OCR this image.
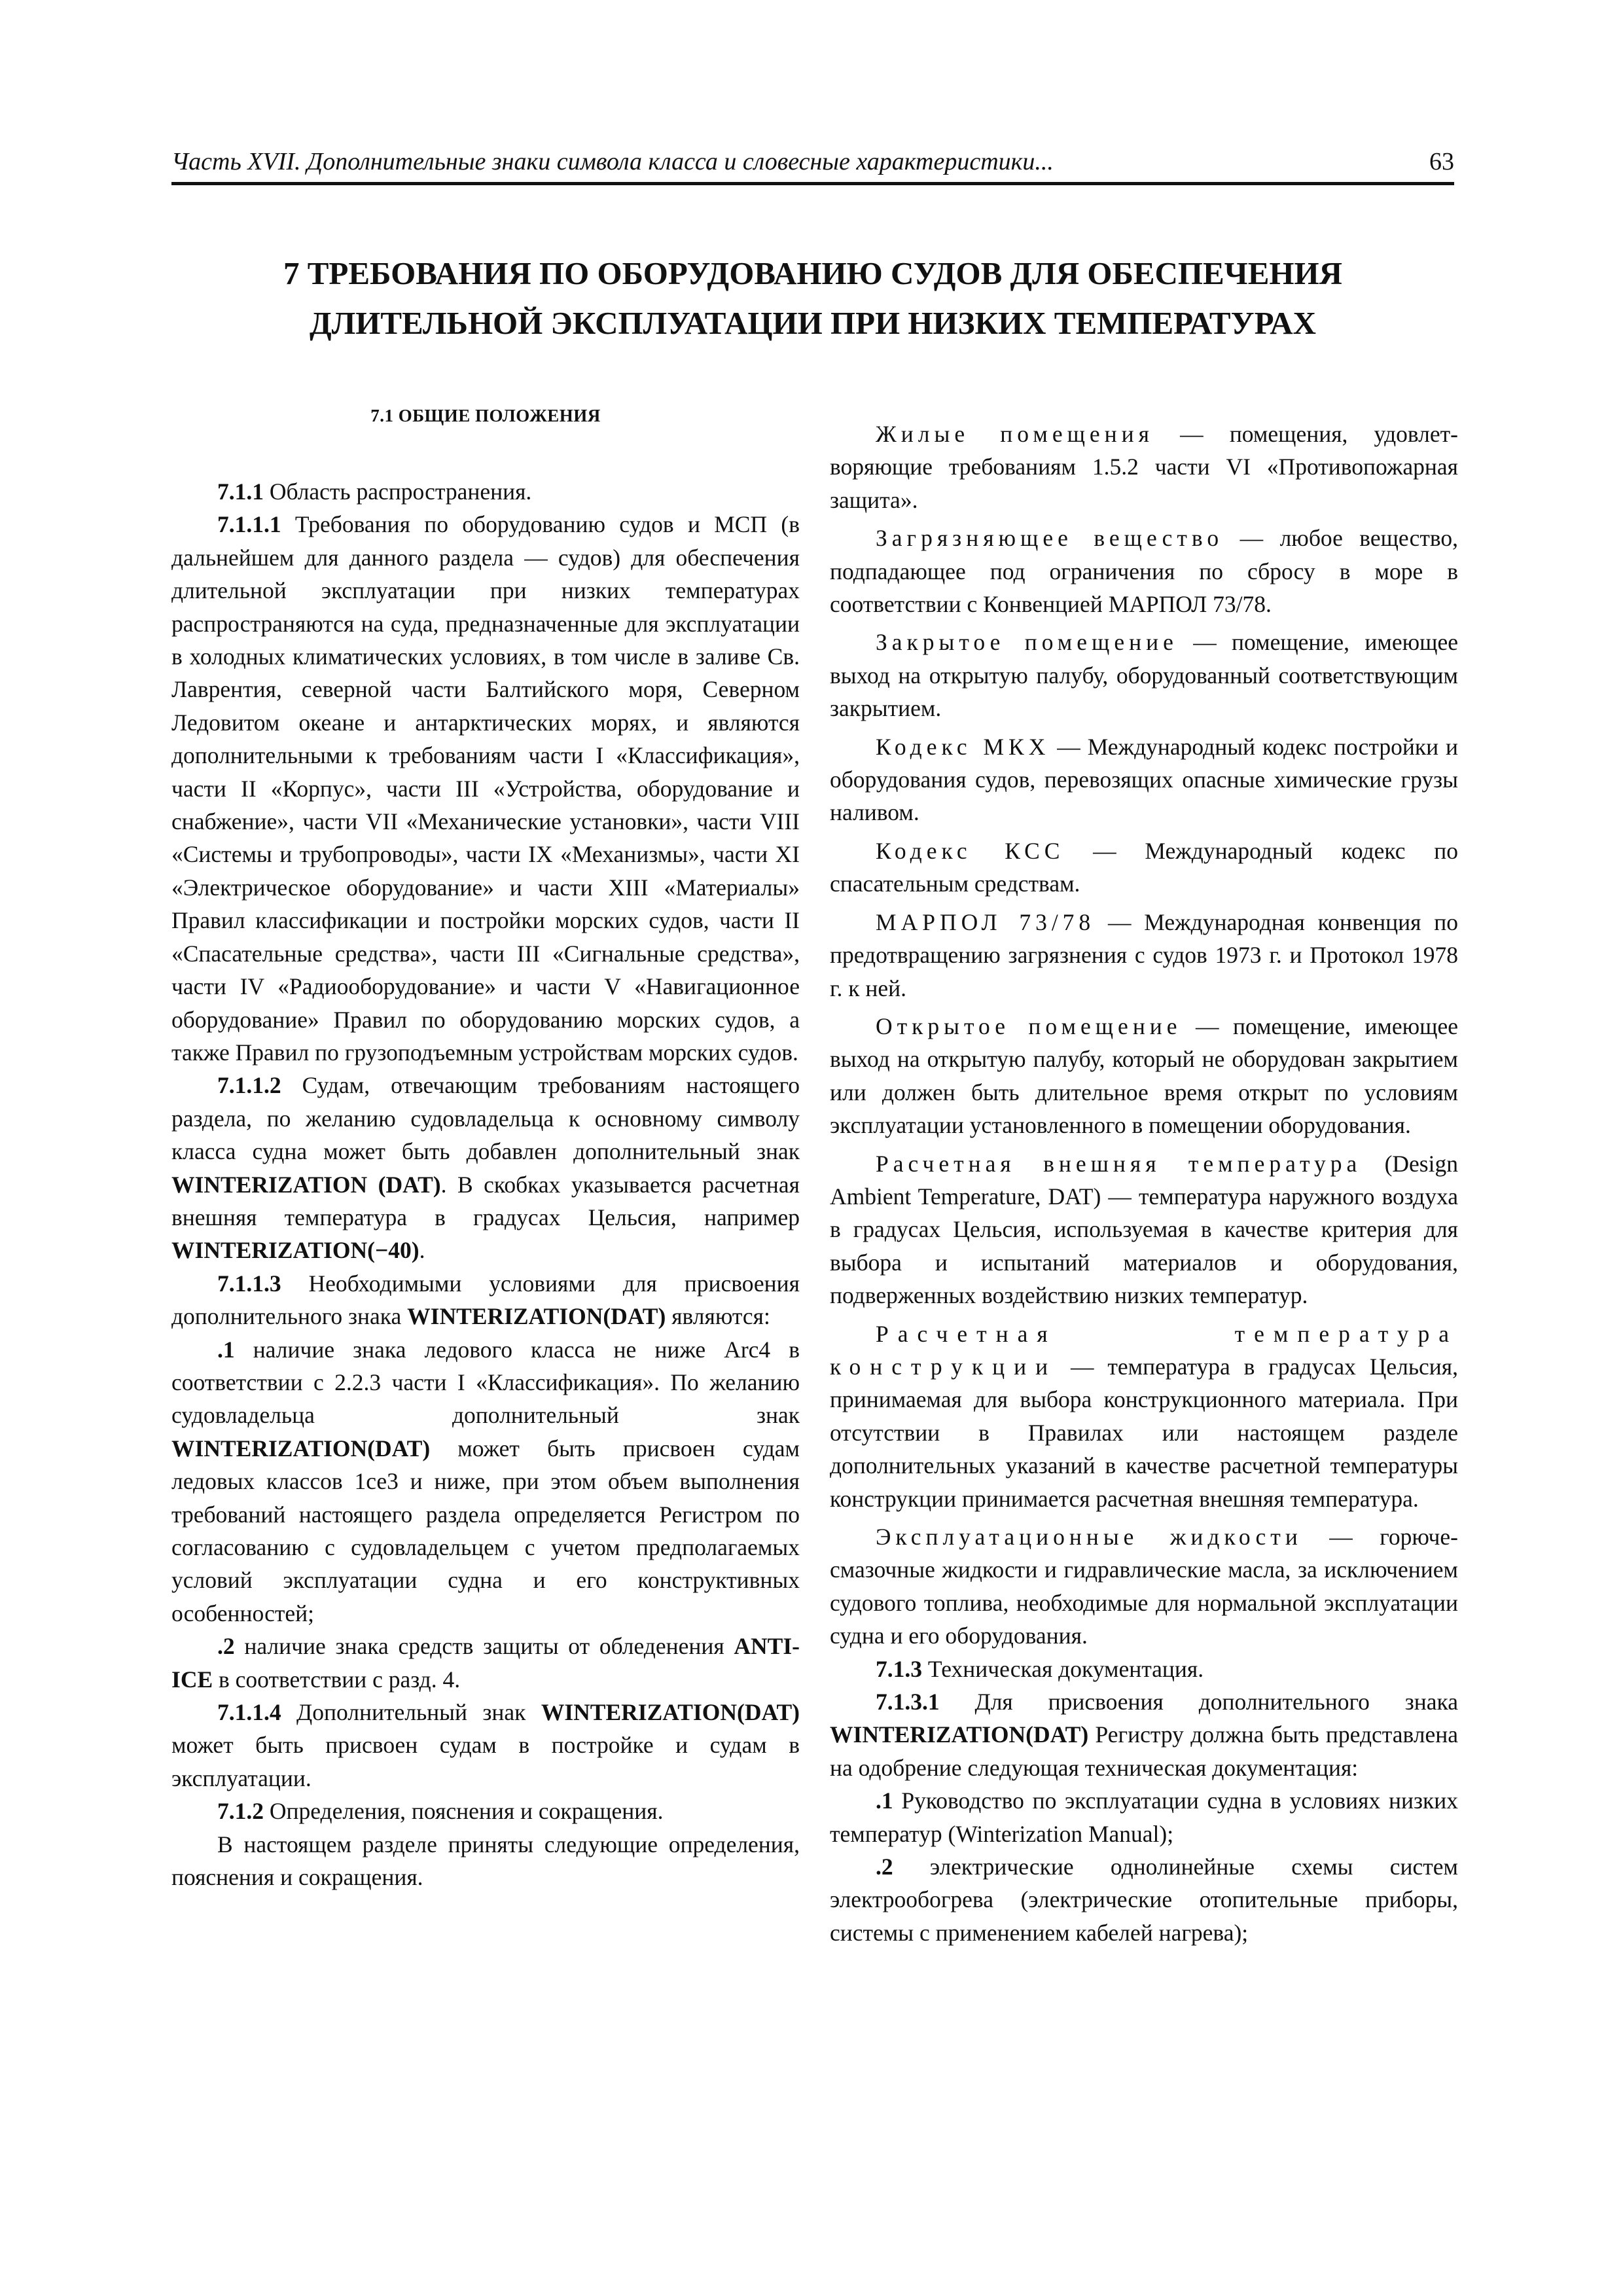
Часть XVII. Дополнительные знаки символа класса и словесные характеристики...	63
7 ТРЕБОВАНИЯ ПО ОБОРУДОВАНИЮ СУДОВ ДЛЯ ОБЕСПЕЧЕНИЯ
ДЛИТЕЛЬНОЙ ЭКСПЛУАТАЦИИ ПРИ НИЗКИХ ТЕМПЕРАТУРАХ
7.1 ОБЩИЕ ПОЛОЖЕНИЯ

7.1.1 Область распространения.

7.1.1.1 Требования по оборудованию судов и МСП (в дальнейшем для данного раздела — судов) для обеспечения длительной эксплуатации при низких температурах распространяются на суда, предназначенные для эксплуатации в холодных климатических условиях, в том числе в заливе Св. Лаврентия, северной части Балтийского моря, Северном Ледовитом океане и антарктических морях, и являются дополнительными к требованиям части I «Классификация», части II «Корпус», части III «Устройства, оборудование и снабжение», части VII «Механические установки», части VIII «Системы и трубопроводы», части IX «Механизмы», части XI «Электрическое оборудование» и части XIII «Материалы» Правил классификации и постройки морских судов, части II «Спасательные средства», части III «Сигнальные средства», части IV «Радиооборудование» и части V «Навигационное оборудование» Правил по оборудованию морских судов, а также Правил по грузоподъемным устройствам морских судов.

7.1.1.2 Судам, отвечающим требованиям настоящего раздела, по желанию судовладельца к основному символу класса судна может быть добавлен дополнительный знак WINTERIZATION (DAT). В скобках указывается расчетная внешняя температура в градусах Цельсия, например WINTERIZATION(−40).

7.1.1.3 Необходимыми условиями для присвоения дополнительного знака WINTERIZATION(DAT) являются:

.1 наличие знака ледового класса не ниже Arc4 в соответствии с 2.2.3 части I «Классификация». По желанию судовладельца дополнительный знак WINTERIZATION(DAT) может быть присвоен судам ледовых классов 1се3 и ниже, при этом объем выполнения требований настоящего раздела определяется Регистром по согласованию с судовладельцем с учетом предполагаемых условий эксплуатации судна и его конструктивных особенностей;

.2 наличие знака средств защиты от обледенения ANTI-ICE в соответствии с разд. 4.

7.1.1.4 Дополнительный знак WINTERIZATION(DAT) может быть присвоен судам в постройке и судам в эксплуатации.

7.1.2 Определения, пояснения и сокращения.

В настоящем разделе приняты следующие определения, пояснения и сокращения.

Жилые помещения — помещения, удовлетворяющие требованиям 1.5.2 части VI «Противопожарная защита».

Загрязняющее вещество — любое вещество, подпадающее под ограничения по сбросу в море в соответствии с Конвенцией МАРПОЛ 73/78.

Закрытое помещение — помещение, имеющее выход на открытую палубу, оборудованный соответствующим закрытием.

Кодекс МКХ — Международный кодекс постройки и оборудования судов, перевозящих опасные химические грузы наливом.

Кодекс КСС — Международный кодекс по спасательным средствам.

МАРПОЛ 73/78 — Международная конвенция по предотвращению загрязнения с судов 1973 г. и Протокол 1978 г. к ней.

Открытое помещение — помещение, имеющее выход на открытую палубу, который не оборудован закрытием или должен быть длительное время открыт по условиям эксплуатации установленного в помещении оборудования.

Расчетная внешняя температура (Design Ambient Temperature, DAT) — температура наружного воздуха в градусах Цельсия, используемая в качестве критерия для выбора и испытаний материалов и оборудования, подверженных воздействию низких температур.

Расчетная температура конструкции — температура в градусах Цельсия, принимаемая для выбора конструкционного материала. При отсутствии в Правилах или настоящем разделе дополнительных указаний в качестве расчетной температуры конструкции принимается расчетная внешняя температура.

Эксплуатационные жидкости — горюче-смазочные жидкости и гидравлические масла, за исключением судового топлива, необходимые для нормальной эксплуатации судна и его оборудования.

7.1.3 Техническая документация.

7.1.3.1 Для присвоения дополнительного знака WINTERIZATION(DAT) Регистру должна быть представлена на одобрение следующая техническая документация:

.1 Руководство по эксплуатации судна в условиях низких температур (Winterization Manual);

.2 электрические однолинейные схемы систем электрообогрева (электрические отопительные приборы, системы с применением кабелей нагрева);
